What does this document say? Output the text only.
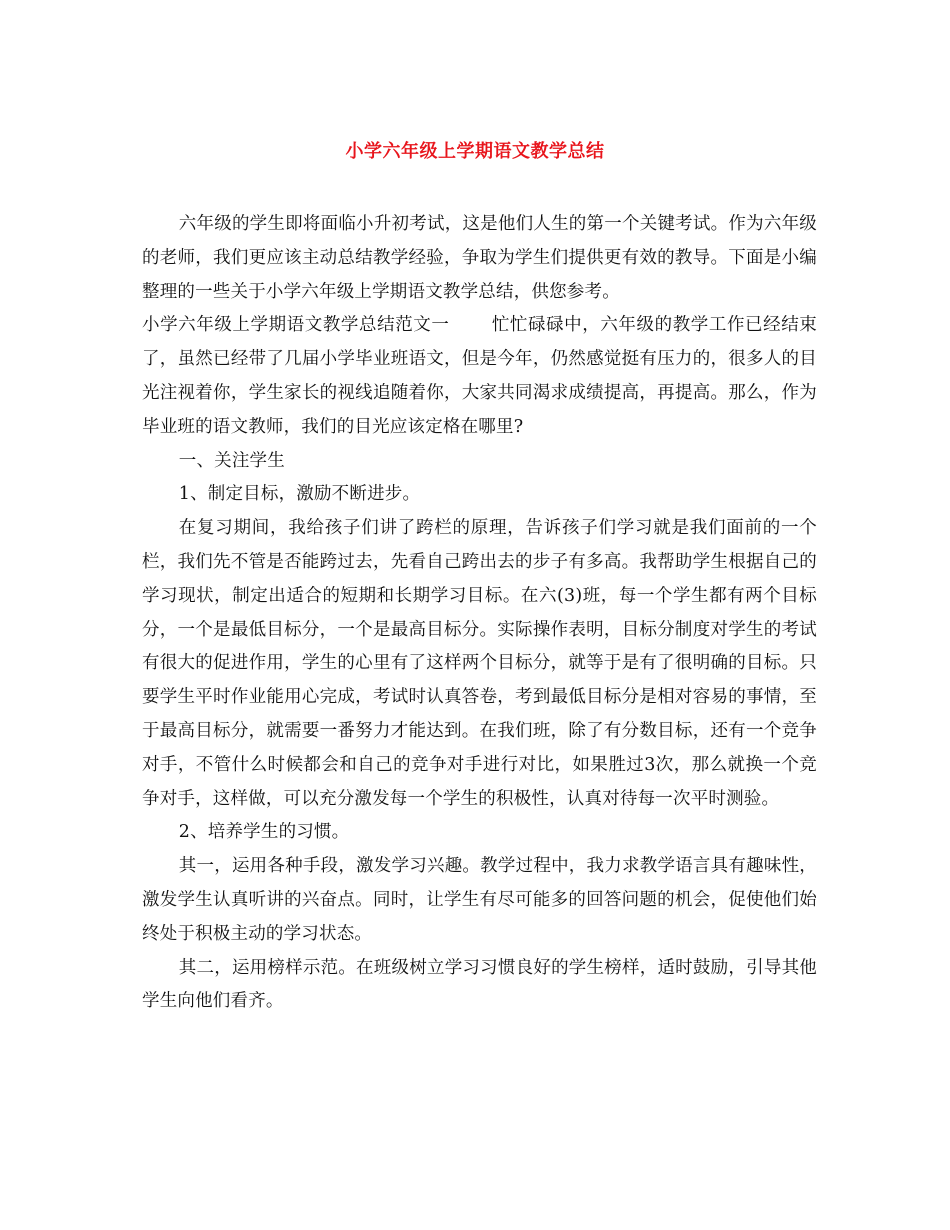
小学六年级上学期语文教学总结

六年级的学生即将面临小升初考试，这是他们人生的第一个关键考试。作为六年级的老师，我们更应该主动总结教学经验，争取为学生们提供更有效的教导。下面是小编整理的一些关于小学六年级上学期语文教学总结，供您参考。

小学六年级上学期语文教学总结范文一 忙忙碌碌中，六年级的教学工作已经结束了，虽然已经带了几届小学毕业班语文，但是今年，仍然感觉挺有压力的，很多人的目光注视着你，学生家长的视线追随着你，大家共同渴求成绩提高，再提高。那么，作为毕业班的语文教师，我们的目光应该定格在哪里?

一、关注学生

1、制定目标，激励不断进步。

在复习期间，我给孩子们讲了跨栏的原理，告诉孩子们学习就是我们面前的一个栏，我们先不管是否能跨过去，先看自己跨出去的步子有多高。我帮助学生根据自己的学习现状，制定出适合的短期和长期学习目标。在六(3)班，每一个学生都有两个目标分，一个是最低目标分，一个是最高目标分。实际操作表明，目标分制度对学生的考试有很大的促进作用，学生的心里有了这样两个目标分，就等于是有了很明确的目标。只要学生平时作业能用心完成，考试时认真答卷，考到最低目标分是相对容易的事情，至于最高目标分，就需要一番努力才能达到。在我们班，除了有分数目标，还有一个竞争对手，不管什么时候都会和自己的竞争对手进行对比，如果胜过3次，那么就换一个竞争对手，这样做，可以充分激发每一个学生的积极性，认真对待每一次平时测验。

2、培养学生的习惯。

其一，运用各种手段，激发学习兴趣。教学过程中，我力求教学语言具有趣味性，激发学生认真听讲的兴奋点。同时，让学生有尽可能多的回答问题的机会，促使他们始终处于积极主动的学习状态。

其二，运用榜样示范。在班级树立学习习惯良好的学生榜样，适时鼓励，引导其他学生向他们看齐。
